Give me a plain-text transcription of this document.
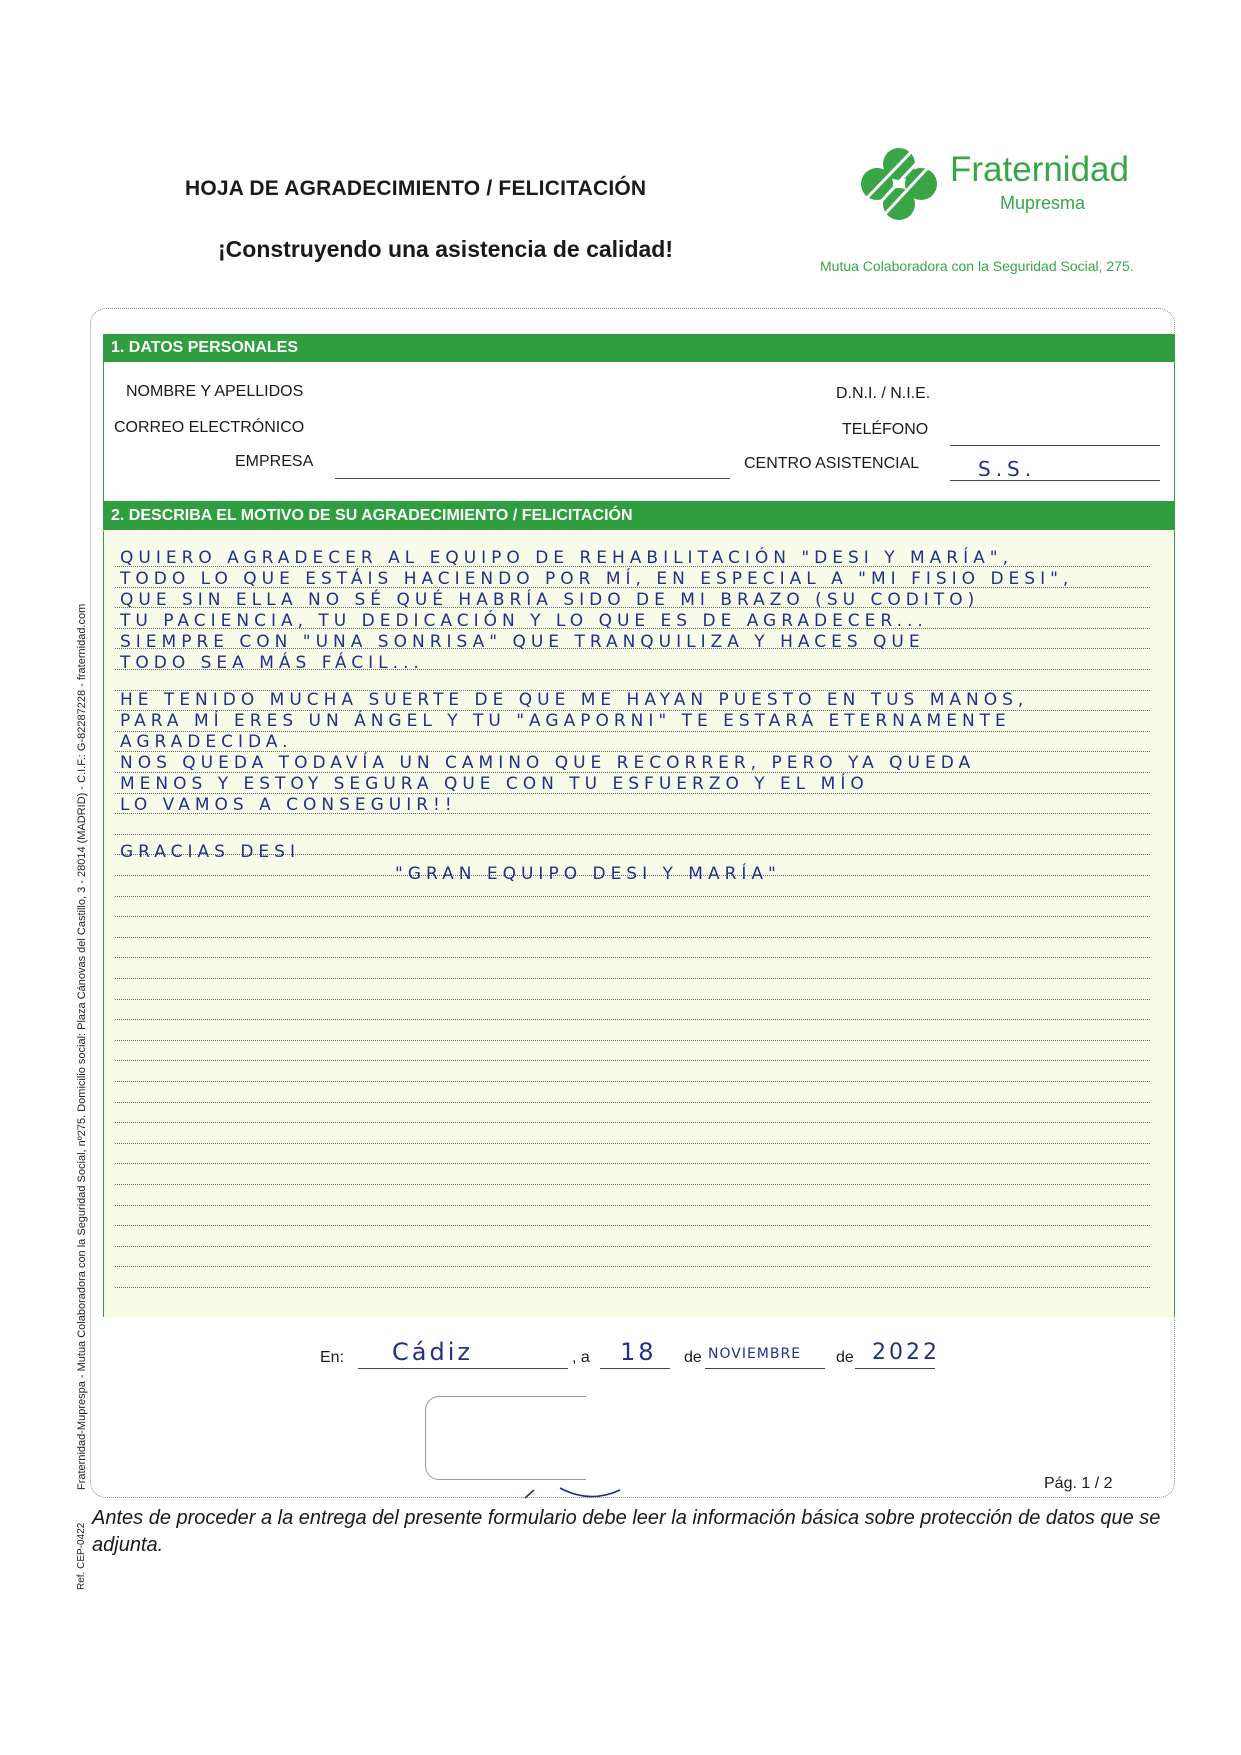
HOJA DE AGRADECIMIENTO / FELICITACIÓN
¡Construyendo una asistencia de calidad!
Fraternidad
Mupresma
Mutua Colaboradora con la Seguridad Social, 275.
Fraternidad-Muprespa - Mutua Colaboradora con la Seguridad Social, nº275. Domicilio social: Plaza Cánovas del Castillo, 3 - 28014 (MADRID) - C.I.F.: G-82287228 - fraternidad.com
Ref. CEP-0422
1. DATOS PERSONALES
NOMBRE Y APELLIDOS	D.N.I. / N.I.E.
CORREO ELECTRÓNICO	TELÉFONO
EMPRESA	CENTRO ASISTENCIAL	S.S.
2. DESCRIBA EL MOTIVO DE SU AGRADECIMIENTO / FELICITACIÓN
QUIERO AGRADECER AL EQUIPO DE REHABILITACIÓN "DESI Y MARÍA",
TODO LO QUE ESTÁIS HACIENDO POR MÍ, EN ESPECIAL A "MI FISIO DESI",
QUE SIN ELLA NO SÉ QUÉ HABRÍA SIDO DE MI BRAZO (SU CODITO)
TU PACIENCIA, TU DEDICACIÓN Y LO QUE ES DE AGRADECER...
SIEMPRE CON "UNA SONRISA" QUE TRANQUILIZA Y HACES QUE
TODO SEA MÁS FÁCIL...
HE TENIDO MUCHA SUERTE DE QUE ME HAYAN PUESTO EN TUS MANOS,
PARA MÍ ERES UN ÁNGEL Y TU "AGAPORNI" TE ESTARÁ ETERNAMENTE
AGRADECIDA.
NOS QUEDA TODAVÍA UN CAMINO QUE RECORRER, PERO YA QUEDA
MENOS Y ESTOY SEGURA QUE CON TU ESFUERZO Y EL MÍO
LO VAMOS A CONSEGUIR!!
GRACIAS DESI
"GRAN EQUIPO DESI Y MARÍA"
En: Cádiz	, a 18 de NOVIEMBRE de 2022
Pág. 1 / 2
Antes de proceder a la entrega del presente formulario debe leer la información básica sobre protección de datos que se adjunta.
